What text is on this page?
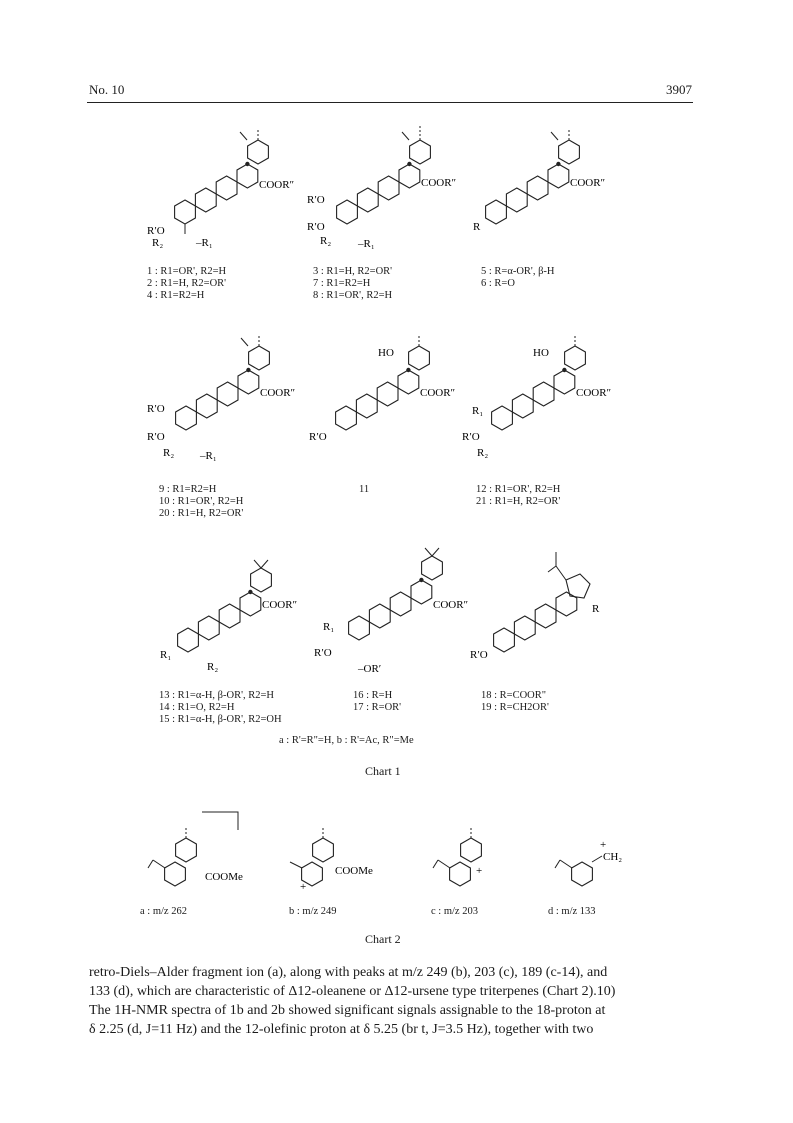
No. 10	3907
COOR″
R′O
R₂	–R₁
COOR″
R′O
R′O
R₂ –R₁
COOR″
R
COOR″
R′O
R′O
R₂ –R₁
HO
COOR″
R′O
HO
COOR″
R₁
R′O
R₂
COOR″
R₁
R₂
COOR″
R₁
R′O
–OR′
R
R′O
COOMe
+
COOMe	+
+
CH₂
1 : R1=OR', R2=H
2 : R1=H, R2=OR'
4 : R1=R2=H
3 : R1=H, R2=OR'
7 : R1=R2=H
8 : R1=OR', R2=H
5 : R=α-OR', β-H
6 : R=O
9 : R1=R2=H
10 : R1=OR', R2=H
20 : R1=H, R2=OR'
11	12 : R1=OR', R2=H
21 : R1=H, R2=OR'
13 : R1=α-H, β-OR', R2=H
14 : R1=O, R2=H
15 : R1=α-H, β-OR', R2=OH
16 : R=H
17 : R=OR'
18 : R=COOR"
19 : R=CH2OR'
a : R'=R"=H, b : R'=Ac, R"=Me
Chart 1
a : m/z 262	b : m/z 249	c : m/z 203	d : m/z 133
Chart 2
retro-Diels–Alder fragment ion (a), along with peaks at m/z 249 (b), 203 (c), 189 (c-14), and
133 (d), which are characteristic of Δ12-oleanene or Δ12-ursene type triterpenes (Chart 2).10)
The 1H-NMR spectra of 1b and 2b showed significant signals assignable to the 18-proton at
δ 2.25 (d, J=11 Hz) and the 12-olefinic proton at δ 5.25 (br t, J=3.5 Hz), together with two
